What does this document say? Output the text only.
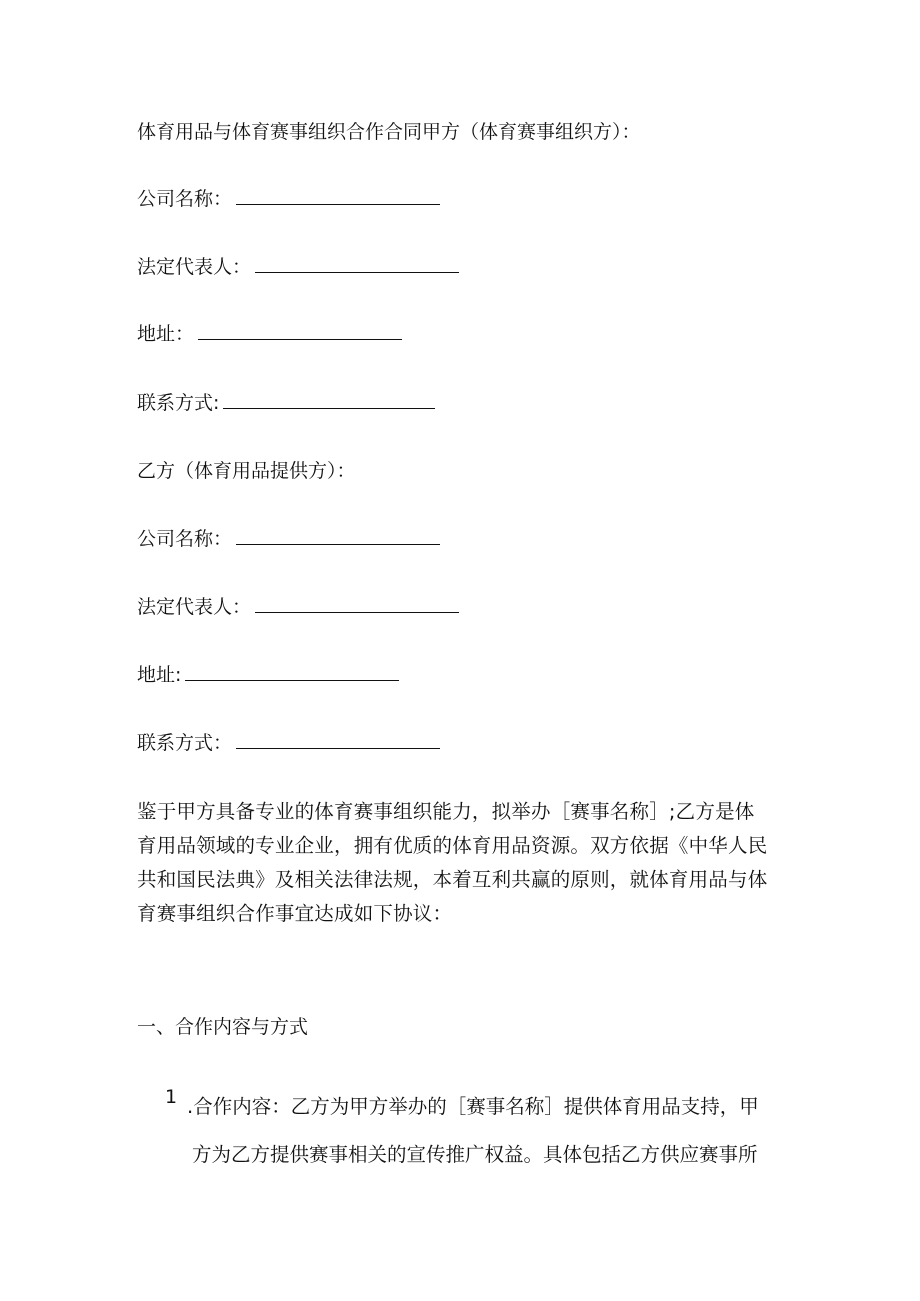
体育用品与体育赛事组织合作合同甲方（体育赛事组织方）：
公司名称：
法定代表人：
地址：
联系方式:
乙方（体育用品提供方）：
公司名称：
法定代表人：
地址:
联系方式：
鉴于甲方具备专业的体育赛事组织能力，拟举办［赛事名称］;乙方是体
育用品领域的专业企业，拥有优质的体育用品资源。双方依据《中华人民
共和国民法典》及相关法律法规，本着互利共赢的原则，就体育用品与体
育赛事组织合作事宜达成如下协议：
一、合作内容与方式
1 .合作内容：乙方为甲方举办的［赛事名称］提供体育用品支持，甲
方为乙方提供赛事相关的宣传推广权益。具体包括乙方供应赛事所
